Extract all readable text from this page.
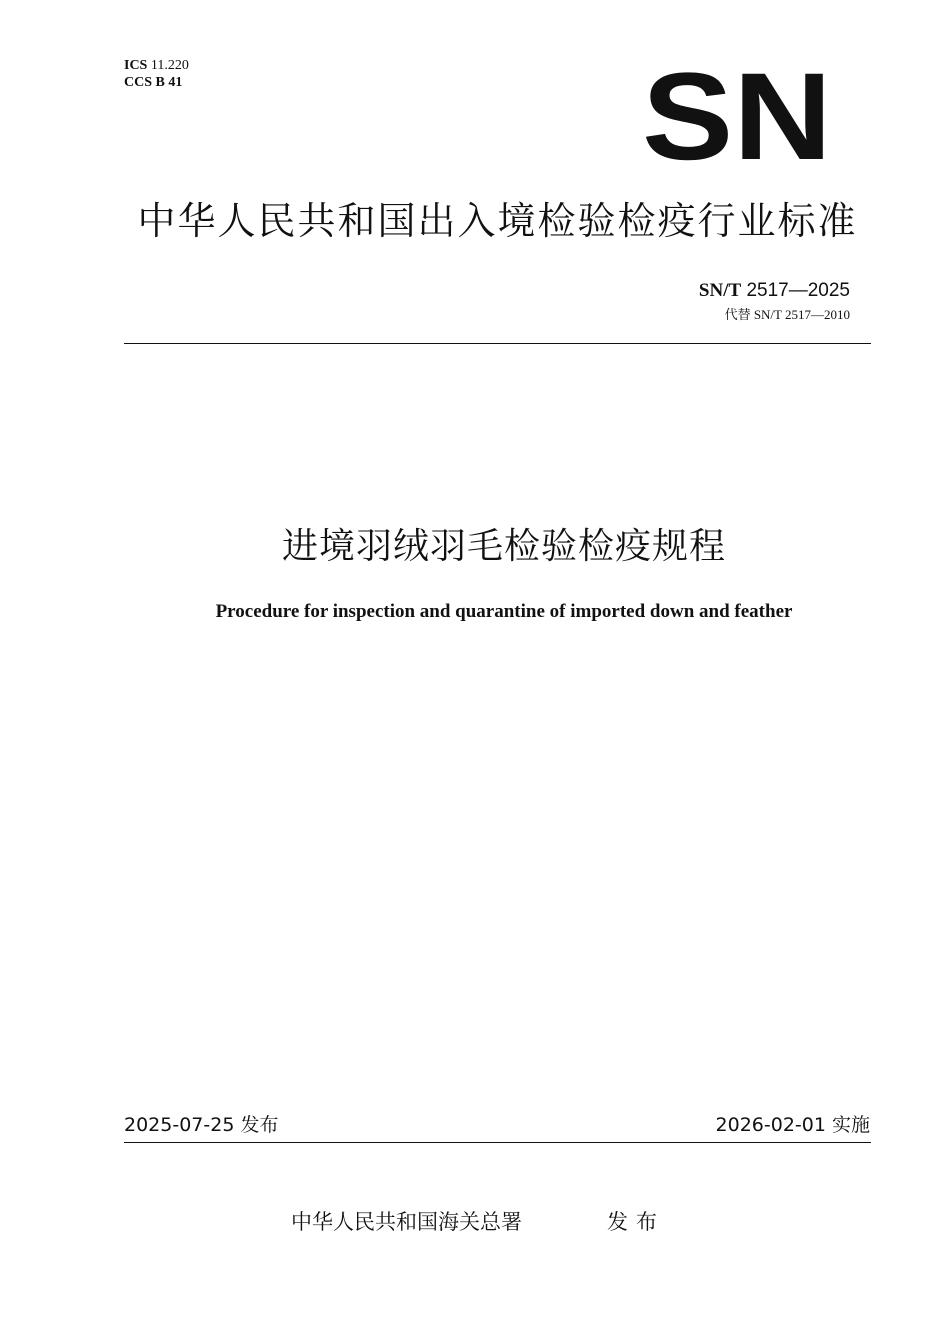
ICS 11.220
CCS B 41	SN
中华人民共和国出入境检验检疫行业标准
SN/T 2517—2025
代替 SN/T 2517—2010
进境羽绒羽毛检验检疫规程
Procedure for inspection and quarantine of imported down and feather
2025-07-25 发布	2026-02-01 实施
中华人民共和国海关总署	发布
